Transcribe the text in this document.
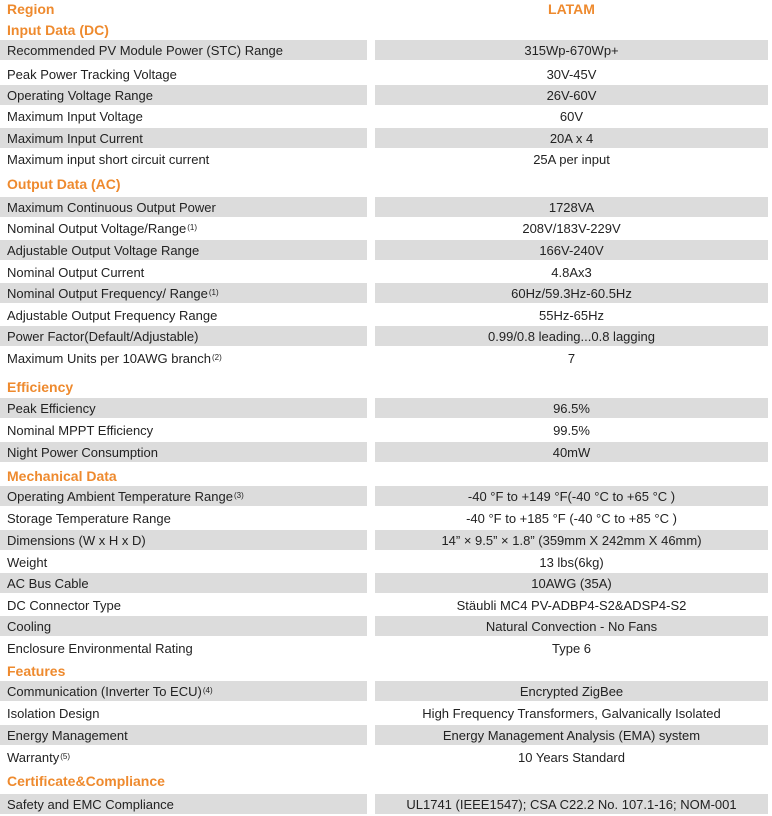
Region	LATAM
Input Data (DC)
Recommended PV Module Power (STC) Range	315Wp-670Wp+
Peak Power Tracking Voltage	30V-45V
Operating Voltage Range	26V-60V
Maximum Input Voltage	60V
Maximum Input Current	20A x 4
Maximum input short circuit current	25A per input
Output Data (AC)
Maximum Continuous Output Power	1728VA
Nominal Output Voltage/Range (1)	208V/183V-229V
Adjustable Output Voltage Range	166V-240V
Nominal Output Current	4.8Ax3
Nominal Output Frequency/ Range (1)	60Hz/59.3Hz-60.5Hz
Adjustable Output Frequency Range	55Hz-65Hz
Power Factor(Default/Adjustable)	0.99/0.8 leading...0.8 lagging
Maximum Units per 10AWG branch (2)	7
Efficiency
Peak Efficiency	96.5%
Nominal MPPT Efficiency	99.5%
Night Power Consumption	40mW
Mechanical Data
Operating Ambient Temperature Range (3)	-40 °F to +149 °F(-40 °C to +65 °C )
Storage Temperature Range	-40 °F to +185 °F (-40 °C to +85 °C )
Dimensions (W x H x D)	14” × 9.5” × 1.8” (359mm X 242mm X 46mm)
Weight	13 lbs(6kg)
AC Bus Cable	10AWG (35A)
DC Connector Type	Stäubli MC4 PV-ADBP4-S2&ADSP4-S2
Cooling	Natural Convection - No Fans
Enclosure Environmental Rating	Type 6
Features
Communication (Inverter To ECU) (4)	Encrypted ZigBee
Isolation Design	High Frequency Transformers, Galvanically Isolated
Energy Management	Energy Management Analysis (EMA) system
Warranty (5)	10 Years Standard
Certificate&Compliance
Safety and EMC Compliance	UL1741 (IEEE1547); CSA C22.2 No. 107.1-16; NOM-001
